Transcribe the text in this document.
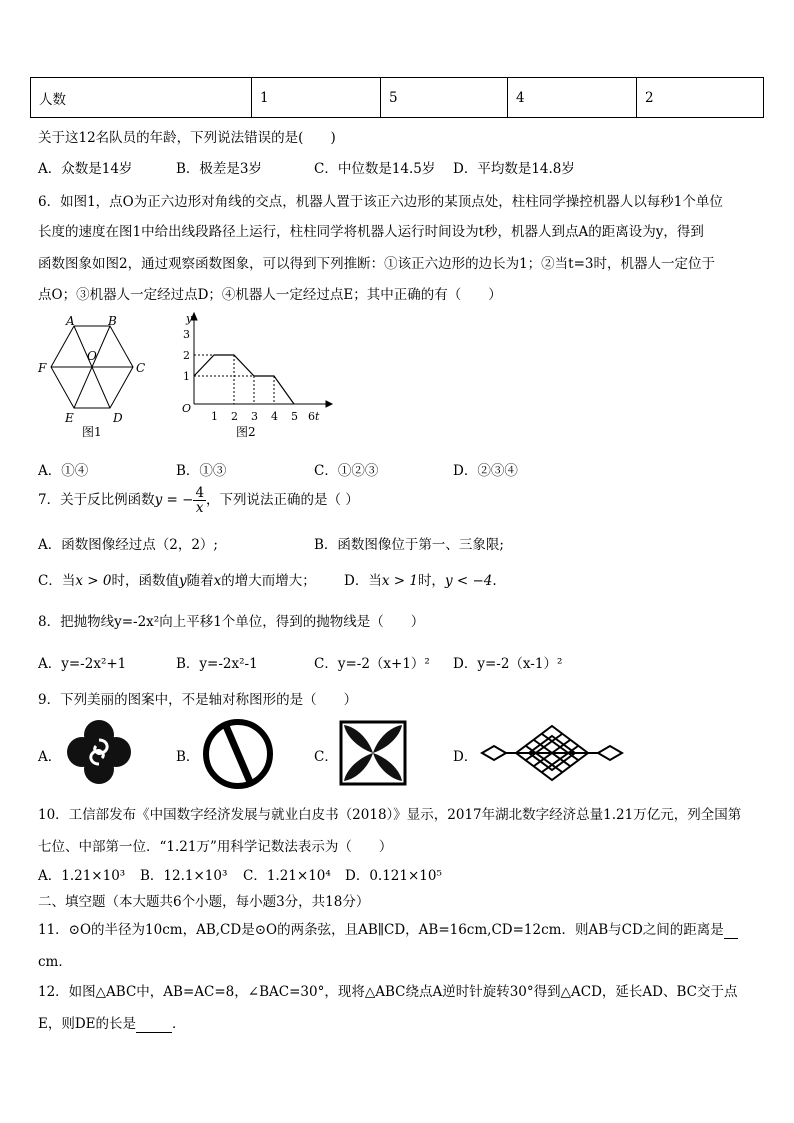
人数	1	5	4	2
关于这12名队员的年龄，下列说法错误的是(　　)
A．众数是14岁	B．极差是3岁	C．中位数是14.5岁 D．平均数是14.8岁
6．如图1，点O为正六边形对角线的交点，机器人置于该正六边形的某顶点处，柱柱同学操控机器人以每秒1个单位
长度的速度在图1中给出线段路径上运行，柱柱同学将机器人运行时间设为t秒，机器人到点A的距离设为y，得到
函数图象如图2，通过观察函数图象，可以得到下列推断：①该正六边形的边长为1；②当t=3时，机器人一定位于
点O；③机器人一定经过点D；④机器人一定经过点E；其中正确的有（　　）
A	B
C
D
E
F
O
图1
y
t
O
1
2
3
1 2 3 4 5 6
图2
A．①④	B．①③	C．①②③	D．②③④
7．关于反比例函数y = − $\frac{4}{x}$ ，下列说法正确的是（ ）
A．函数图像经过点（2，2）;	B．函数图像位于第一、三象限;
C．当x > 0时，函数值y随着x的增大而增大； D．当x > 1时，y < −4.
8．把抛物线y=-2x²向上平移1个单位，得到的抛物线是（　　）
A．y=-2x²+1	B．y=-2x²-1	C．y=-2（x+1）² D．y=-2（x-1）²
9．下列美丽的图案中，不是轴对称图形的是（　　）
A．	B．	C．	D．
10．工信部发布《中国数字经济发展与就业白皮书（2018）》显示，2017年湖北数字经济总量1.21万亿元，列全国第
七位、中部第一位．“1.21万”用科学记数法表示为（　　）
A．1.21×10³ B．12.1×10³ C．1.21×10⁴ D．0.121×10⁵
二、填空题（本大题共6个小题，每小题3分，共18分）
11．⊙O的半径为10cm，AB,CD是⊙O的两条弦，且AB∥CD，AB=16cm,CD=12cm．则AB与CD之间的距离是
cm．
12．如图△ABC中，AB=AC=8，∠BAC=30°，现将△ABC绕点A逆时针旋转30°得到△ACD，延长AD、BC交于点
E，则DE的长是	．
